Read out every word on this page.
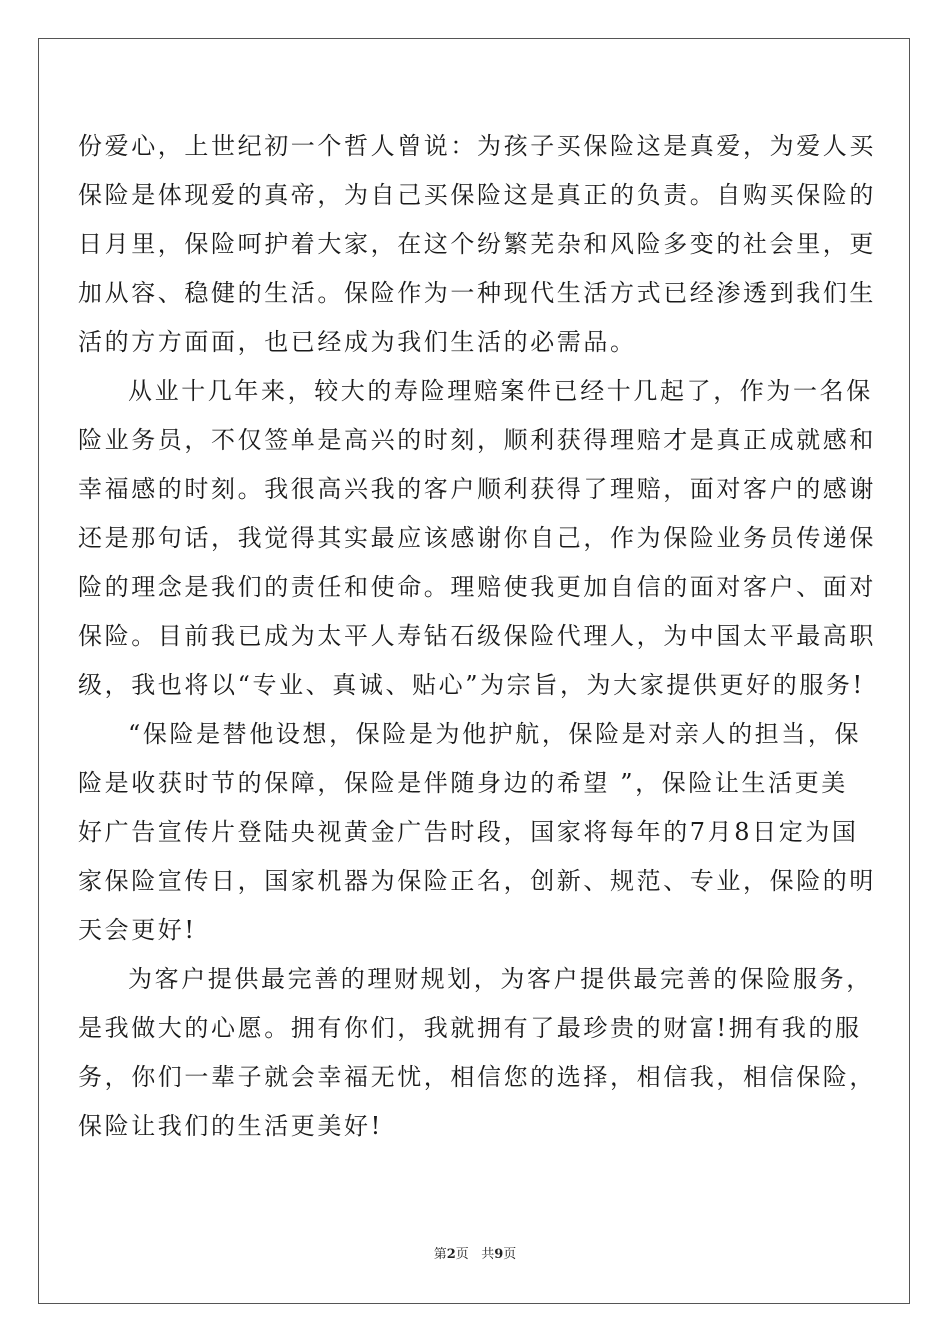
份爱心，上世纪初一个哲人曾说：为孩子买保险这是真爱，为爱人买
保险是体现爱的真帝，为自己买保险这是真正的负责。自购买保险的
日月里，保险呵护着大家，在这个纷繁芜杂和风险多变的社会里，更
加从容、稳健的生活。保险作为一种现代生活方式已经渗透到我们生
活的方方面面，也已经成为我们生活的必需品。

从业十几年来，较大的寿险理赔案件已经十几起了，作为一名保
险业务员，不仅签单是高兴的时刻，顺利获得理赔才是真正成就感和
幸福感的时刻。我很高兴我的客户顺利获得了理赔，面对客户的感谢
还是那句话，我觉得其实最应该感谢你自己，作为保险业务员传递保
险的理念是我们的责任和使命。理赔使我更加自信的面对客户、面对
保险。目前我已成为太平人寿钻石级保险代理人，为中国太平最高职
级，我也将以“专业、真诚、贴心”为宗旨，为大家提供更好的服务!

“保险是替他设想，保险是为他护航，保险是对亲人的担当，保
险是收获时节的保障，保险是伴随身边的希望 ”，保险让生活更美
好广告宣传片登陆央视黄金广告时段，国家将每年的7月8日定为国
家保险宣传日，国家机器为保险正名，创新、规范、专业，保险的明
天会更好!

为客户提供最完善的理财规划，为客户提供最完善的保险服务，
是我做大的心愿。拥有你们，我就拥有了最珍贵的财富!拥有我的服
务，你们一辈子就会幸福无忧，相信您的选择，相信我，相信保险，
保险让我们的生活更美好!

第2页 共9页
